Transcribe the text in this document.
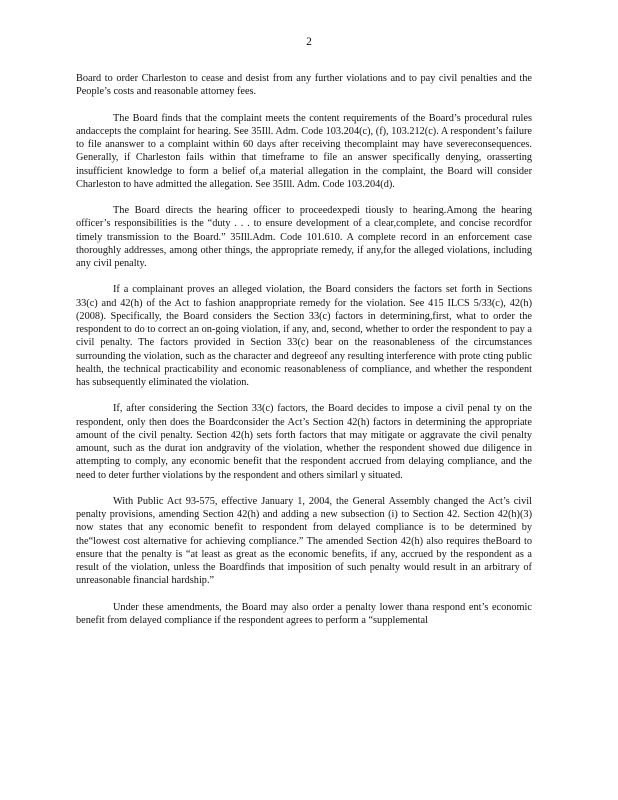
2

Board to order Charleston to cease and desist from any further violations and to pay civil penalties and the People’s costs and reasonable attorney fees.

The Board finds that the complaint meets the content requirements of the Board’s procedural rules andaccepts the complaint for hearing. See 35Ill. Adm. Code 103.204(c), (f), 103.212(c). A respondent’s failure to file ananswer to a complaint within 60 days after receiving thecomplaint may have severeconsequences. Generally, if Charleston fails within that timeframe to file an answer specifically denying, orasserting insufficient knowledge to form a belief of,a material allegation in the complaint, the Board will consider Charleston to have admitted the allegation. See 35Ill. Adm. Code 103.204(d).

The Board directs the hearing officer to proceedexpedi tiously to hearing.Among the hearing officer’s responsibilities is the “duty . . . to ensure development of a clear,complete, and concise recordfor timely transmission to the Board.” 35Ill.Adm. Code 101.610. A complete record in an enforcement case thoroughly addresses, among other things, the appropriate remedy, if any,for the alleged violations, including any civil penalty.

If a complainant proves an alleged violation, the Board considers the factors set forth in Sections 33(c) and 42(h) of the Act to fashion anappropriate remedy for the violation. See 415 ILCS 5/33(c), 42(h) (2008). Specifically, the Board considers the Section 33(c) factors in determining,first, what to order the respondent to do to correct an on-going violation, if any, and, second, whether to order the respondent to pay a civil penalty. The factors provided in Section 33(c) bear on the reasonableness of the circumstances surrounding the violation, such as the character and degreeof any resulting interference with prote cting public health, the technical practicability and economic reasonableness of compliance, and whether the respondent has subsequently eliminated the violation.

If, after considering the Section 33(c) factors, the Board decides to impose a civil penal ty on the respondent, only then does the Boardconsider the Act’s Section 42(h) factors in determining the appropriate amount of the civil penalty. Section 42(h) sets forth factors that may mitigate or aggravate the civil penalty amount, such as the durat ion andgravity of the violation, whether the respondent showed due diligence in attempting to comply, any economic benefit that the respondent accrued from delaying compliance, and the need to deter further violations by the respondent and others similarl y situated.

With Public Act 93-575, effective January 1, 2004, the General Assembly changed the Act’s civil penalty provisions, amending Section 42(h) and adding a new subsection (i) to Section 42. Section 42(h)(3) now states that any economic benefit to respondent from delayed compliance is to be determined by the“lowest cost alternative for achieving compliance.” The amended Section 42(h) also requires theBoard to ensure that the penalty is “at least as great as the economic benefits, if any, accrued by the respondent as a result of the violation, unless the Boardfinds that imposition of such penalty would result in an arbitrary of unreasonable financial hardship.”

Under these amendments, the Board may also order a penalty lower thana respond ent’s economic benefit from delayed compliance if the respondent agrees to perform a “supplemental
